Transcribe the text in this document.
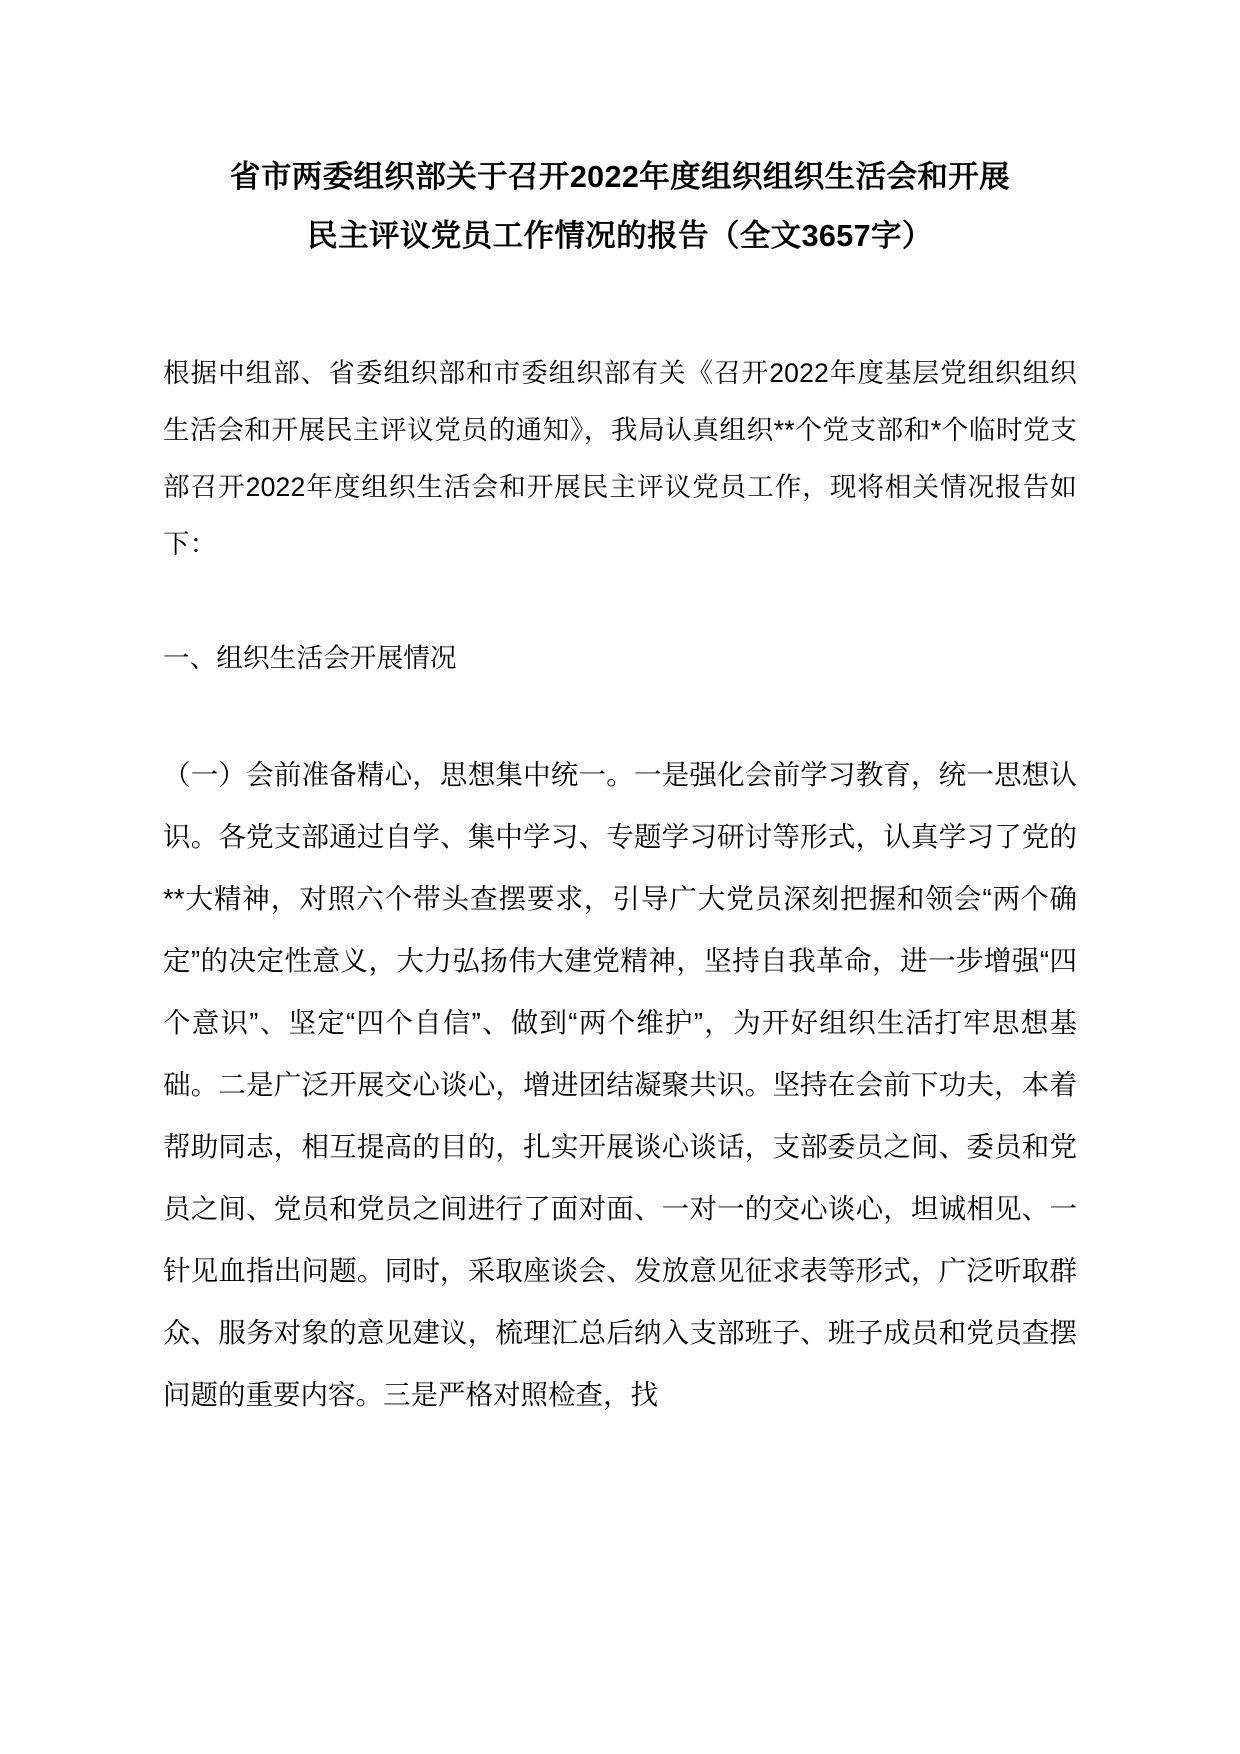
省市两委组织部关于召开2022年度组织组织生活会和开展
民主评议党员工作情况的报告（全文3657字）

根据中组部、省委组织部和市委组织部有关《召开2022年度基层党组织组织生活会和开展民主评议党员的通知》，我局认真组织**个党支部和*个临时党支部召开2022年度组织生活会和开展民主评议党员工作，现将相关情况报告如下：

一、组织生活会开展情况

（一）会前准备精心，思想集中统一。一是强化会前学习教育，统一思想认识。各党支部通过自学、集中学习、专题学习研讨等形式，认真学习了党的**大精神，对照六个带头查摆要求，引导广大党员深刻把握和领会“两个确定”的决定性意义，大力弘扬伟大建党精神，坚持自我革命，进一步增强“四个意识”、坚定“四个自信”、做到“两个维护”，为开好组织生活打牢思想基础。二是广泛开展交心谈心，增进团结凝聚共识。坚持在会前下功夫，本着帮助同志，相互提高的目的，扎实开展谈心谈话，支部委员之间、委员和党员之间、党员和党员之间进行了面对面、一对一的交心谈心，坦诚相见、一针见血指出问题。同时，采取座谈会、发放意见征求表等形式，广泛听取群众、服务对象的意见建议，梳理汇总后纳入支部班子、班子成员和党员查摆问题的重要内容。三是严格对照检查，找
